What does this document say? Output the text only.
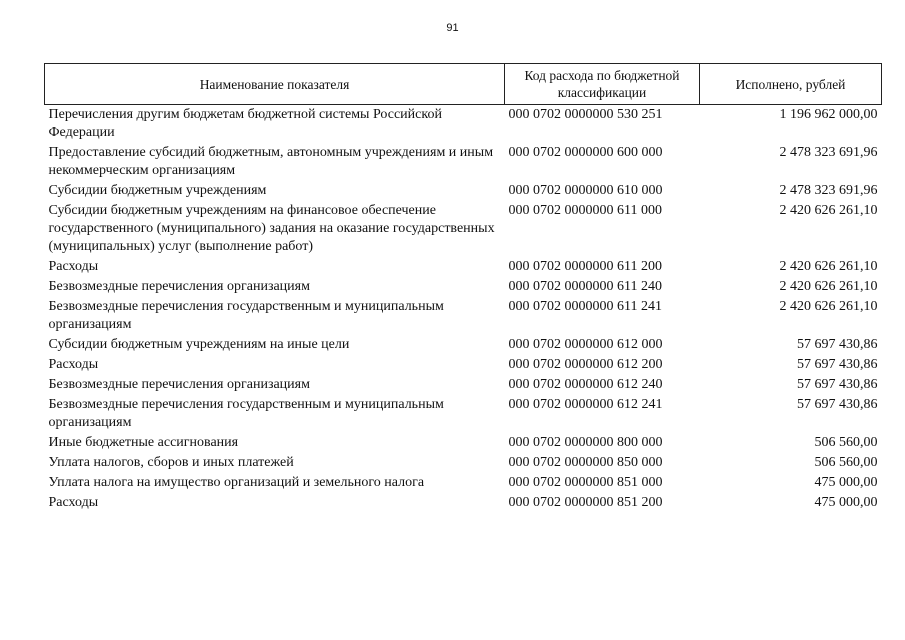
91
Наименование показателя	Код расхода по бюджетной классификации	Исполнено, рублей
Перечисления другим бюджетам бюджетной системы Российской Федерации	000 0702 0000000 530 251	1 196 962 000,00
Предоставление субсидий бюджетным, автономным учреждениям и иным некоммерческим организациям	000 0702 0000000 600 000	2 478 323 691,96
Субсидии бюджетным учреждениям	000 0702 0000000 610 000	2 478 323 691,96
Субсидии бюджетным учреждениям на финансовое обеспечение государственного (муниципального) задания на оказание государственных (муниципальных) услуг (выполнение работ)	000 0702 0000000 611 000	2 420 626 261,10
Расходы	000 0702 0000000 611 200	2 420 626 261,10
Безвозмездные перечисления организациям	000 0702 0000000 611 240	2 420 626 261,10
Безвозмездные перечисления государственным и муниципальным организациям	000 0702 0000000 611 241	2 420 626 261,10
Субсидии бюджетным учреждениям на иные цели	000 0702 0000000 612 000	57 697 430,86
Расходы	000 0702 0000000 612 200	57 697 430,86
Безвозмездные перечисления организациям	000 0702 0000000 612 240	57 697 430,86
Безвозмездные перечисления государственным и муниципальным организациям	000 0702 0000000 612 241	57 697 430,86
Иные бюджетные ассигнования	000 0702 0000000 800 000	506 560,00
Уплата налогов, сборов и иных платежей	000 0702 0000000 850 000	506 560,00
Уплата налога на имущество организаций и земельного налога	000 0702 0000000 851 000	475 000,00
Расходы	000 0702 0000000 851 200	475 000,00
